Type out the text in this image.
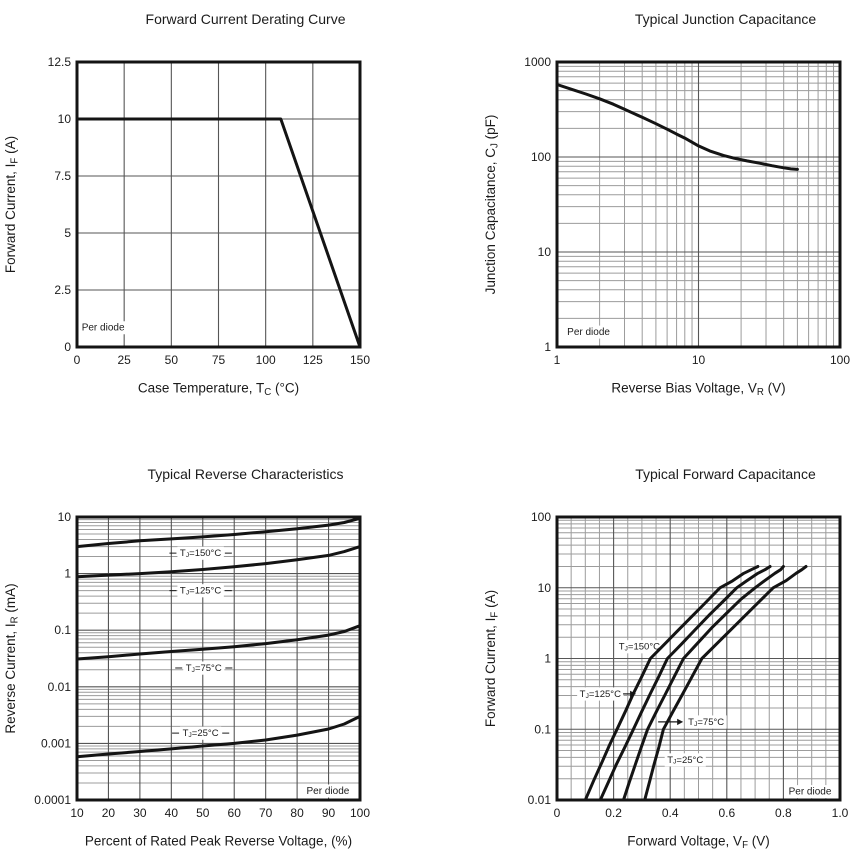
Per diode
0	25	50	75	100 125 150
0
2.5
5
7.5
10
12.5
Forward Current Derating Curve
Case Temperature, $T_C$ (°C)
Forward Current, $I_F$ (A)
Per diode
1	10	100
1
10
100
1000
Typical Junction Capacitance
Reverse Bias Voltage, $V_R$ (V)
Junction Capacitance, $C_J$ (pF)
TJ=150°C
TJ=125°C
TJ=75°C
TJ=25°C
Per diode
10 20 30 40 50 60 70 80 90 100
10
1
0.1
0.01
0.001
0.0001
Typical Reverse Characteristics
Percent of Rated Peak Reverse Voltage, (%)
Reverse Current, $I_R$ (mA)
TJ=150°C
TJ=125°C
TJ=75°C
TJ=25°C
Per diode
0	0.2	0.4	0.6	0.8	1.0
100
10
1
0.1
0.01
Typical Forward Capacitance
Forward Voltage, $V_F$ (V)
Forward Current, $I_F$ (A)
